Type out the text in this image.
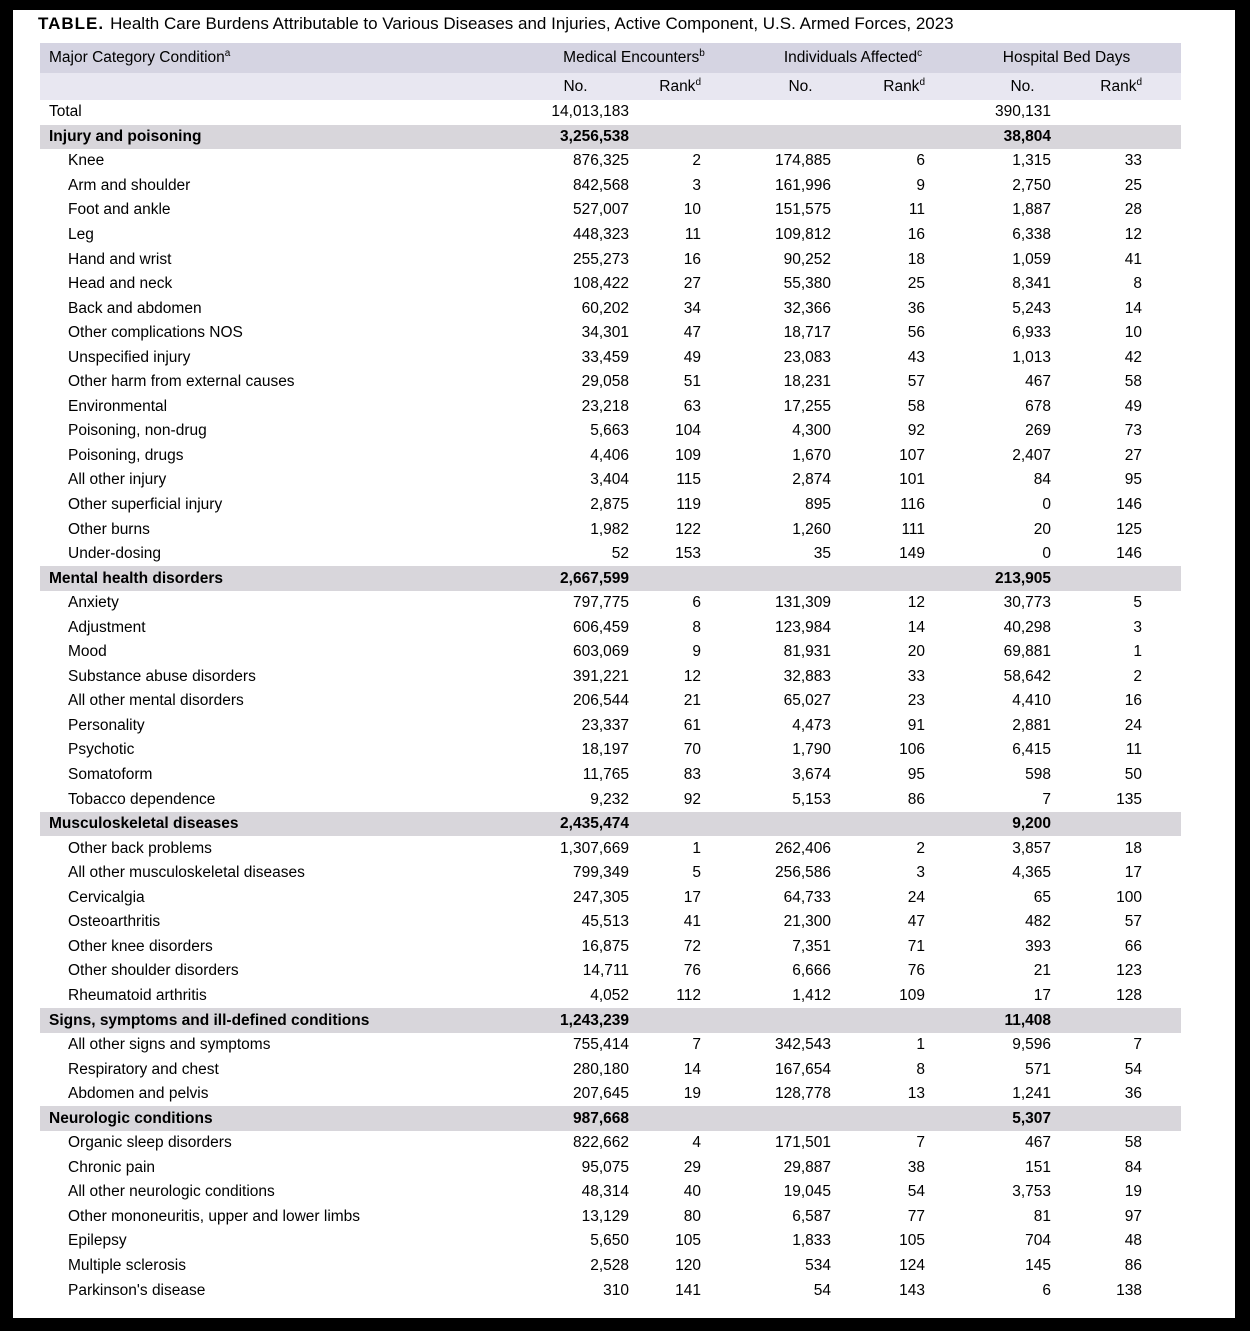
TABLE. Health Care Burdens Attributable to Various Diseases and Injuries, Active Component, U.S. Armed Forces, 2023
Major Category Condition$^a$	Medical Encounters$^b$		Individuals Affected$^c$		Hospital Bed Days	
	No.	Rank$^d$	No.	Rank$^d$	No.	Rank$^d$
Total	14,013,183				390,131	
Injury and poisoning	3,256,538				38,804	
Knee	876,325	2	174,885	6	1,315	33
Arm and shoulder	842,568	3	161,996	9	2,750	25
Foot and ankle	527,007	10	151,575	11	1,887	28
Leg	448,323	11	109,812	16	6,338	12
Hand and wrist	255,273	16	90,252	18	1,059	41
Head and neck	108,422	27	55,380	25	8,341	8
Back and abdomen	60,202	34	32,366	36	5,243	14
Other complications NOS	34,301	47	18,717	56	6,933	10
Unspecified injury	33,459	49	23,083	43	1,013	42
Other harm from external causes	29,058	51	18,231	57	467	58
Environmental	23,218	63	17,255	58	678	49
Poisoning, non-drug	5,663	104	4,300	92	269	73
Poisoning, drugs	4,406	109	1,670	107	2,407	27
All other injury	3,404	115	2,874	101	84	95
Other superficial injury	2,875	119	895	116	0	146
Other burns	1,982	122	1,260	111	20	125
Under-dosing	52	153	35	149	0	146
Mental health disorders	2,667,599				213,905	
Anxiety	797,775	6	131,309	12	30,773	5
Adjustment	606,459	8	123,984	14	40,298	3
Mood	603,069	9	81,931	20	69,881	1
Substance abuse disorders	391,221	12	32,883	33	58,642	2
All other mental disorders	206,544	21	65,027	23	4,410	16
Personality	23,337	61	4,473	91	2,881	24
Psychotic	18,197	70	1,790	106	6,415	11
Somatoform	11,765	83	3,674	95	598	50
Tobacco dependence	9,232	92	5,153	86	7	135
Musculoskeletal diseases	2,435,474				9,200	
Other back problems	1,307,669	1	262,406	2	3,857	18
All other musculoskeletal diseases	799,349	5	256,586	3	4,365	17
Cervicalgia	247,305	17	64,733	24	65	100
Osteoarthritis	45,513	41	21,300	47	482	57
Other knee disorders	16,875	72	7,351	71	393	66
Other shoulder disorders	14,711	76	6,666	76	21	123
Rheumatoid arthritis	4,052	112	1,412	109	17	128
Signs, symptoms and ill-defined conditions	1,243,239				11,408	
All other signs and symptoms	755,414	7	342,543	1	9,596	7
Respiratory and chest	280,180	14	167,654	8	571	54
Abdomen and pelvis	207,645	19	128,778	13	1,241	36
Neurologic conditions	987,668				5,307	
Organic sleep disorders	822,662	4	171,501	7	467	58
Chronic pain	95,075	29	29,887	38	151	84
All other neurologic conditions	48,314	40	19,045	54	3,753	19
Other mononeuritis, upper and lower limbs	13,129	80	6,587	77	81	97
Epilepsy	5,650	105	1,833	105	704	48
Multiple sclerosis	2,528	120	534	124	145	86
Parkinson's disease	310	141	54	143	6	138
